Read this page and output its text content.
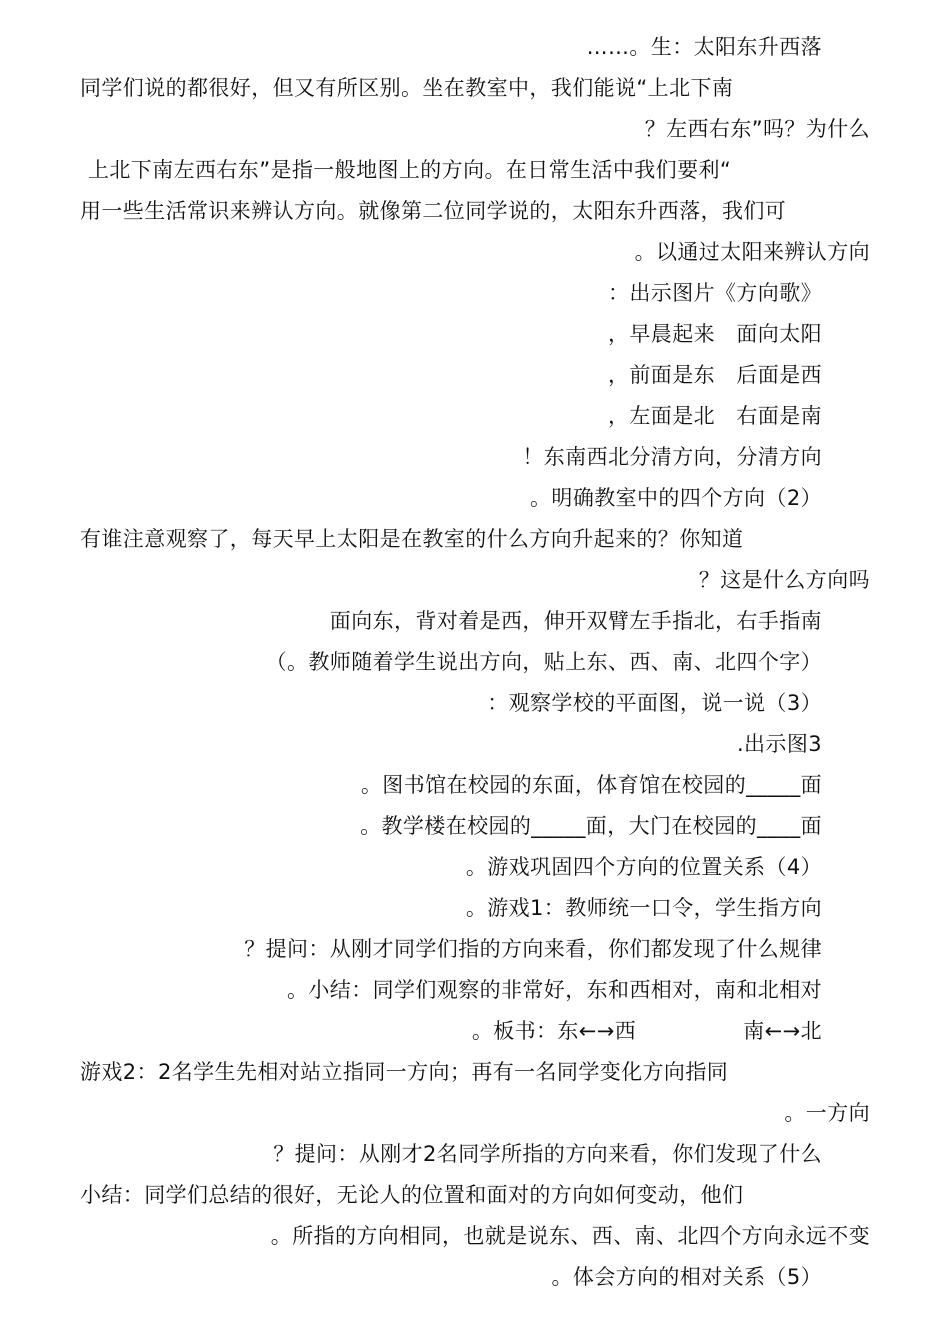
……。生：太阳东升西落
同学们说的都很好，但又有所区别。坐在教室中，我们能说“上北下南
？左西右东”吗？为什么
上北下南左西右东”是指一般地图上的方向。在日常生活中我们要利“
用一些生活常识来辨认方向。就像第二位同学说的，太阳东升西落，我们可
。以通过太阳来辨认方向
：出示图片《方向歌》
，早晨起来　面向太阳
，前面是东　后面是西
，左面是北　右面是南
！东南西北分清方向，分清方向
。明确教室中的四个方向（2）
有谁注意观察了，每天早上太阳是在教室的什么方向升起来的？你知道
？这是什么方向吗
面向东，背对着是西，伸开双臂左手指北，右手指南
（。教师随着学生说出方向，贴上东、西、南、北四个字）
：观察学校的平面图，说一说（3）
.出示图3
。图书馆在校园的东面，体育馆在校园的_____面
。教学楼在校园的_____面，大门在校园的____面
。游戏巩固四个方向的位置关系（4）
。游戏1：教师统一口令，学生指方向
？提问：从刚才同学们指的方向来看，你们都发现了什么规律
。小结：同学们观察的非常好，东和西相对，南和北相对
。板书：东←→西　　　　　南←→北
游戏2：2名学生先相对站立指同一方向；再有一名同学变化方向指同
。一方向
？提问：从刚才2名同学所指的方向来看，你们发现了什么
小结：同学们总结的很好，无论人的位置和面对的方向如何变动，他们
。所指的方向相同，也就是说东、西、南、北四个方向永远不变
。体会方向的相对关系（5）
